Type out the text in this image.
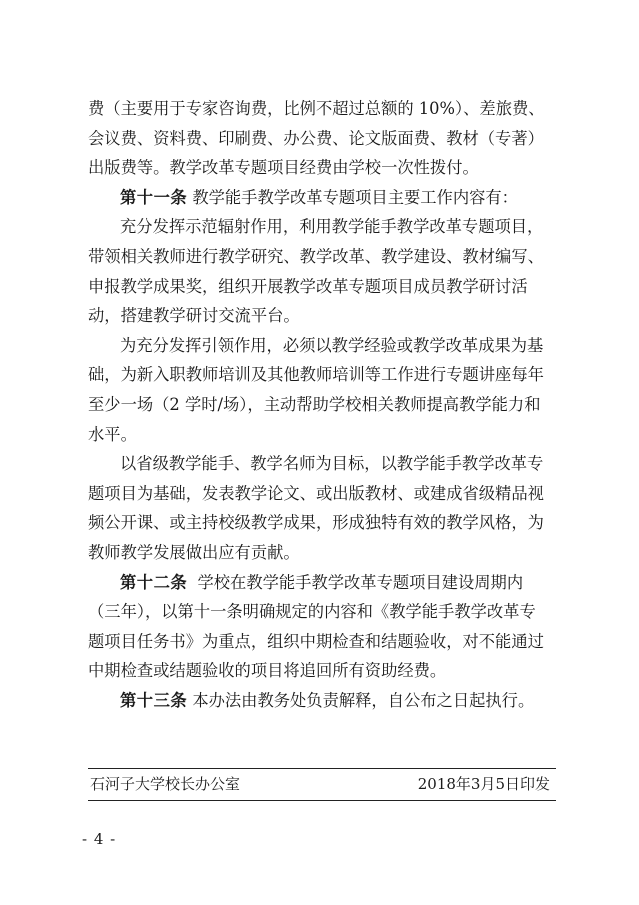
费（主要用于专家咨询费，比例不超过总额的 10%）、差旅费、
会议费、资料费、印刷费、办公费、论文版面费、教材（专著）
出版费等。教学改革专题项目经费由学校一次性拨付。

第十一条 教学能手教学改革专题项目主要工作内容有：

充分发挥示范辐射作用，利用教学能手教学改革专题项目，
带领相关教师进行教学研究、教学改革、教学建设、教材编写、
申报教学成果奖，组织开展教学改革专题项目成员教学研讨活
动，搭建教学研讨交流平台。

为充分发挥引领作用，必须以教学经验或教学改革成果为基
础，为新入职教师培训及其他教师培训等工作进行专题讲座每年
至少一场（2 学时/场），主动帮助学校相关教师提高教学能力和
水平。

以省级教学能手、教学名师为目标，以教学能手教学改革专
题项目为基础，发表教学论文、或出版教材、或建成省级精品视
频公开课、或主持校级教学成果，形成独特有效的教学风格，为
教师教学发展做出应有贡献。

第十二条  学校在教学能手教学改革专题项目建设周期内
（三年），以第十一条明确规定的内容和《教学能手教学改革专
题项目任务书》为重点，组织中期检查和结题验收，对不能通过
中期检查或结题验收的项目将追回所有资助经费。

第十三条 本办法由教务处负责解释，自公布之日起执行。

石河子大学校长办公室	2018年3月5日印发
- 4 -
